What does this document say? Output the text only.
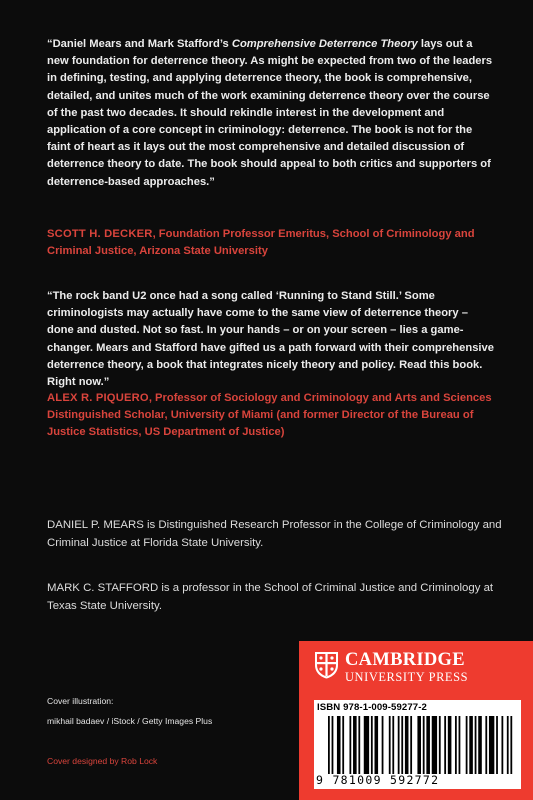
“Daniel Mears and Mark Stafford’s Comprehensive Deterrence Theory lays out a new foundation for deterrence theory. As might be expected from two of the leaders in defining, testing, and applying deterrence theory, the book is comprehensive, detailed, and unites much of the work examining deterrence theory over the course of the past two decades. It should rekindle interest in the development and application of a core concept in criminology: deterrence. The book is not for the faint of heart as it lays out the most comprehensive and detailed discussion of deterrence theory to date. The book should appeal to both critics and supporters of deterrence-based approaches.”

SCOTT H. DECKER, Foundation Professor Emeritus, School of Criminology and Criminal Justice, Arizona State University

“The rock band U2 once had a song called ‘Running to Stand Still.’ Some criminologists may actually have come to the same view of deterrence theory – done and dusted. Not so fast. In your hands – or on your screen – lies a game-changer. Mears and Stafford have gifted us a path forward with their comprehensive deterrence theory, a book that integrates nicely theory and policy. Read this book. Right now.”

ALEX R. PIQUERO, Professor of Sociology and Criminology and Arts and Sciences Distinguished Scholar, University of Miami (and former Director of the Bureau of Justice Statistics, US Department of Justice)

DANIEL P. MEARS is Distinguished Research Professor in the College of Criminology and Criminal Justice at Florida State University.

MARK C. STAFFORD is a professor in the School of Criminal Justice and Criminology at Texas State University.

Cover illustration:
mikhail badaev / iStock / Getty Images Plus
Cover designed by Rob Lock
CAMBRIDGE
UNIVERSITY PRESS
ISBN 978-1-009-59277-2
9 781009 592772
